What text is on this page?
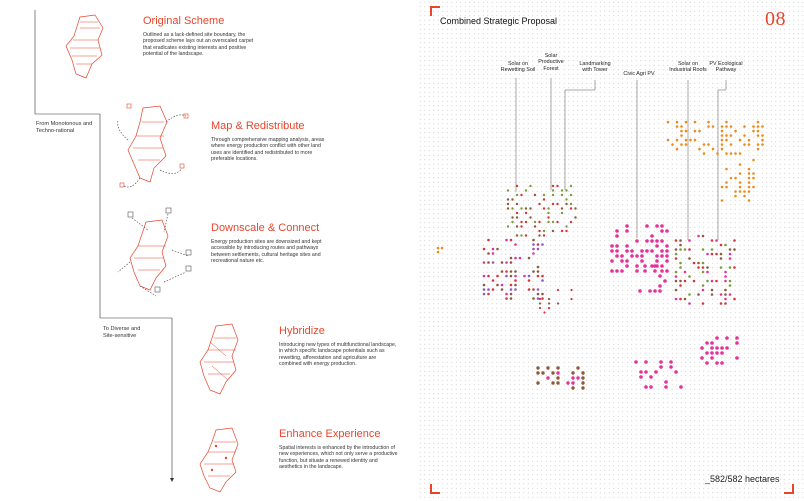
From Monotonous and
Techno-rational
To Diverse and
Site-sensitive
Original Scheme
Outlined as a lack-defined site boundary, the proposed scheme lays out an overscaled carpet that eradicates existing interests and positive potential of the landscape.
Map & Redistribute
Through comprehensive mapping analysis, areas where energy production conflict with other land uses are identified and redistributed to more preferable locations.
Downscale & Connect
Energy production sites are downsized and kept accessible by introducing routes and pathways between settlements, cultural heritage sites and recreational nature etc.
Hybridize
Introducing new types of multifunctional landscape, in which specific landscape potentials such as rewetting, afforestation and agriculture are combined with energy production.
Enhance Experience
Spatial interests is enhanced by the introduction of new experiences, which not only serve a productive function, but situate a renewed identity and aesthetics in the landscape.
Combined Strategic Proposal	08
Solar on
Rewetting Soil
Solar
Productive
Forest
Landmarking
with Tower
Civic Agri PV
Solar on
Industrial Roofs
PV Ecological
Pathway
_582/582 hectares
